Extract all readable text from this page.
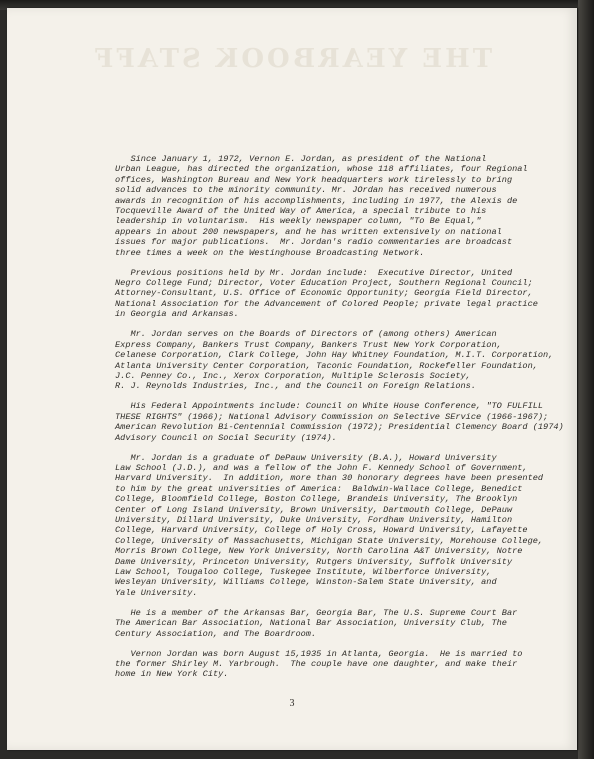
THE YEARBOOK STAFF

Since January 1, 1972, Vernon E. Jordan, as president of the National
Urban League, has directed the organization, whose 118 affiliates, four Regional
offices, Washington Bureau and New York headquarters work tirelessly to bring
solid advances to the minority community. Mr. JOrdan has received numerous
awards in recognition of his accomplishments, including in 1977, the Alexis de
Tocqueville Award of the United Way of America, a special tribute to his
leadership in voluntarism.  His weekly newspaper column, "To Be Equal,"
appears in about 200 newspapers, and he has written extensively on national
issues for major publications.  Mr. Jordan's radio commentaries are broadcast
three times a week on the Westinghouse Broadcasting Network.

Previous positions held by Mr. Jordan include:  Executive Director, United
Negro College Fund; Director, Voter Education Project, Southern Regional Council;
Attorney-Consultant, U.S. Office of Economic Opportunity; Georgia Field Director,
National Association for the Advancement of Colored People; private legal practice
in Georgia and Arkansas.

Mr. Jordan serves on the Boards of Directors of (among others) American
Express Company, Bankers Trust Company, Bankers Trust New York Corporation,
Celanese Corporation, Clark College, John Hay Whitney Foundation, M.I.T. Corporation,
Atlanta University Center Corporation, Taconic Foundation, Rockefeller Foundation,
J.C. Penney Co., Inc., Xerox Corporation, Multiple Sclerosis Society,
R. J. Reynolds Industries, Inc., and the Council on Foreign Relations.

His Federal Appointments include: Council on White House Conference, "TO FULFILL
THESE RIGHTS" (1966); National Advisory Commission on Selective SErvice (1966-1967);
American Revolution Bi-Centennial Commission (1972); Presidential Clemency Board (1974)
Advisory Council on Social Security (1974).

Mr. Jordan is a graduate of DePauw University (B.A.), Howard University
Law School (J.D.), and was a fellow of the John F. Kennedy School of Government,
Harvard University.  In addition, more than 30 honorary degrees have been presented
to him by the great universities of America:  Baldwin-Wallace College, Benedict
College, Bloomfield College, Boston College, Brandeis University, The Brooklyn
Center of Long Island University, Brown University, Dartmouth College, DePauw
University, Dillard University, Duke University, Fordham University, Hamilton
College, Harvard University, College of Holy Cross, Howard University, Lafayette
College, University of Massachusetts, Michigan State University, Morehouse College,
Morris Brown College, New York University, North Carolina A&T University, Notre
Dame University, Princeton University, Rutgers University, Suffolk University
Law School, Tougaloo College, Tuskegee Institute, Wilberforce University,
Wesleyan University, Williams College, Winston-Salem State University, and
Yale University.

He is a member of the Arkansas Bar, Georgia Bar, The U.S. Supreme Court Bar
The American Bar Association, National Bar Association, University Club, The
Century Association, and The Boardroom.

Vernon Jordan was born August 15,1935 in Atlanta, Georgia.  He is married to
the former Shirley M. Yarbrough.  The couple have one daughter, and make their
home in New York City.

3
